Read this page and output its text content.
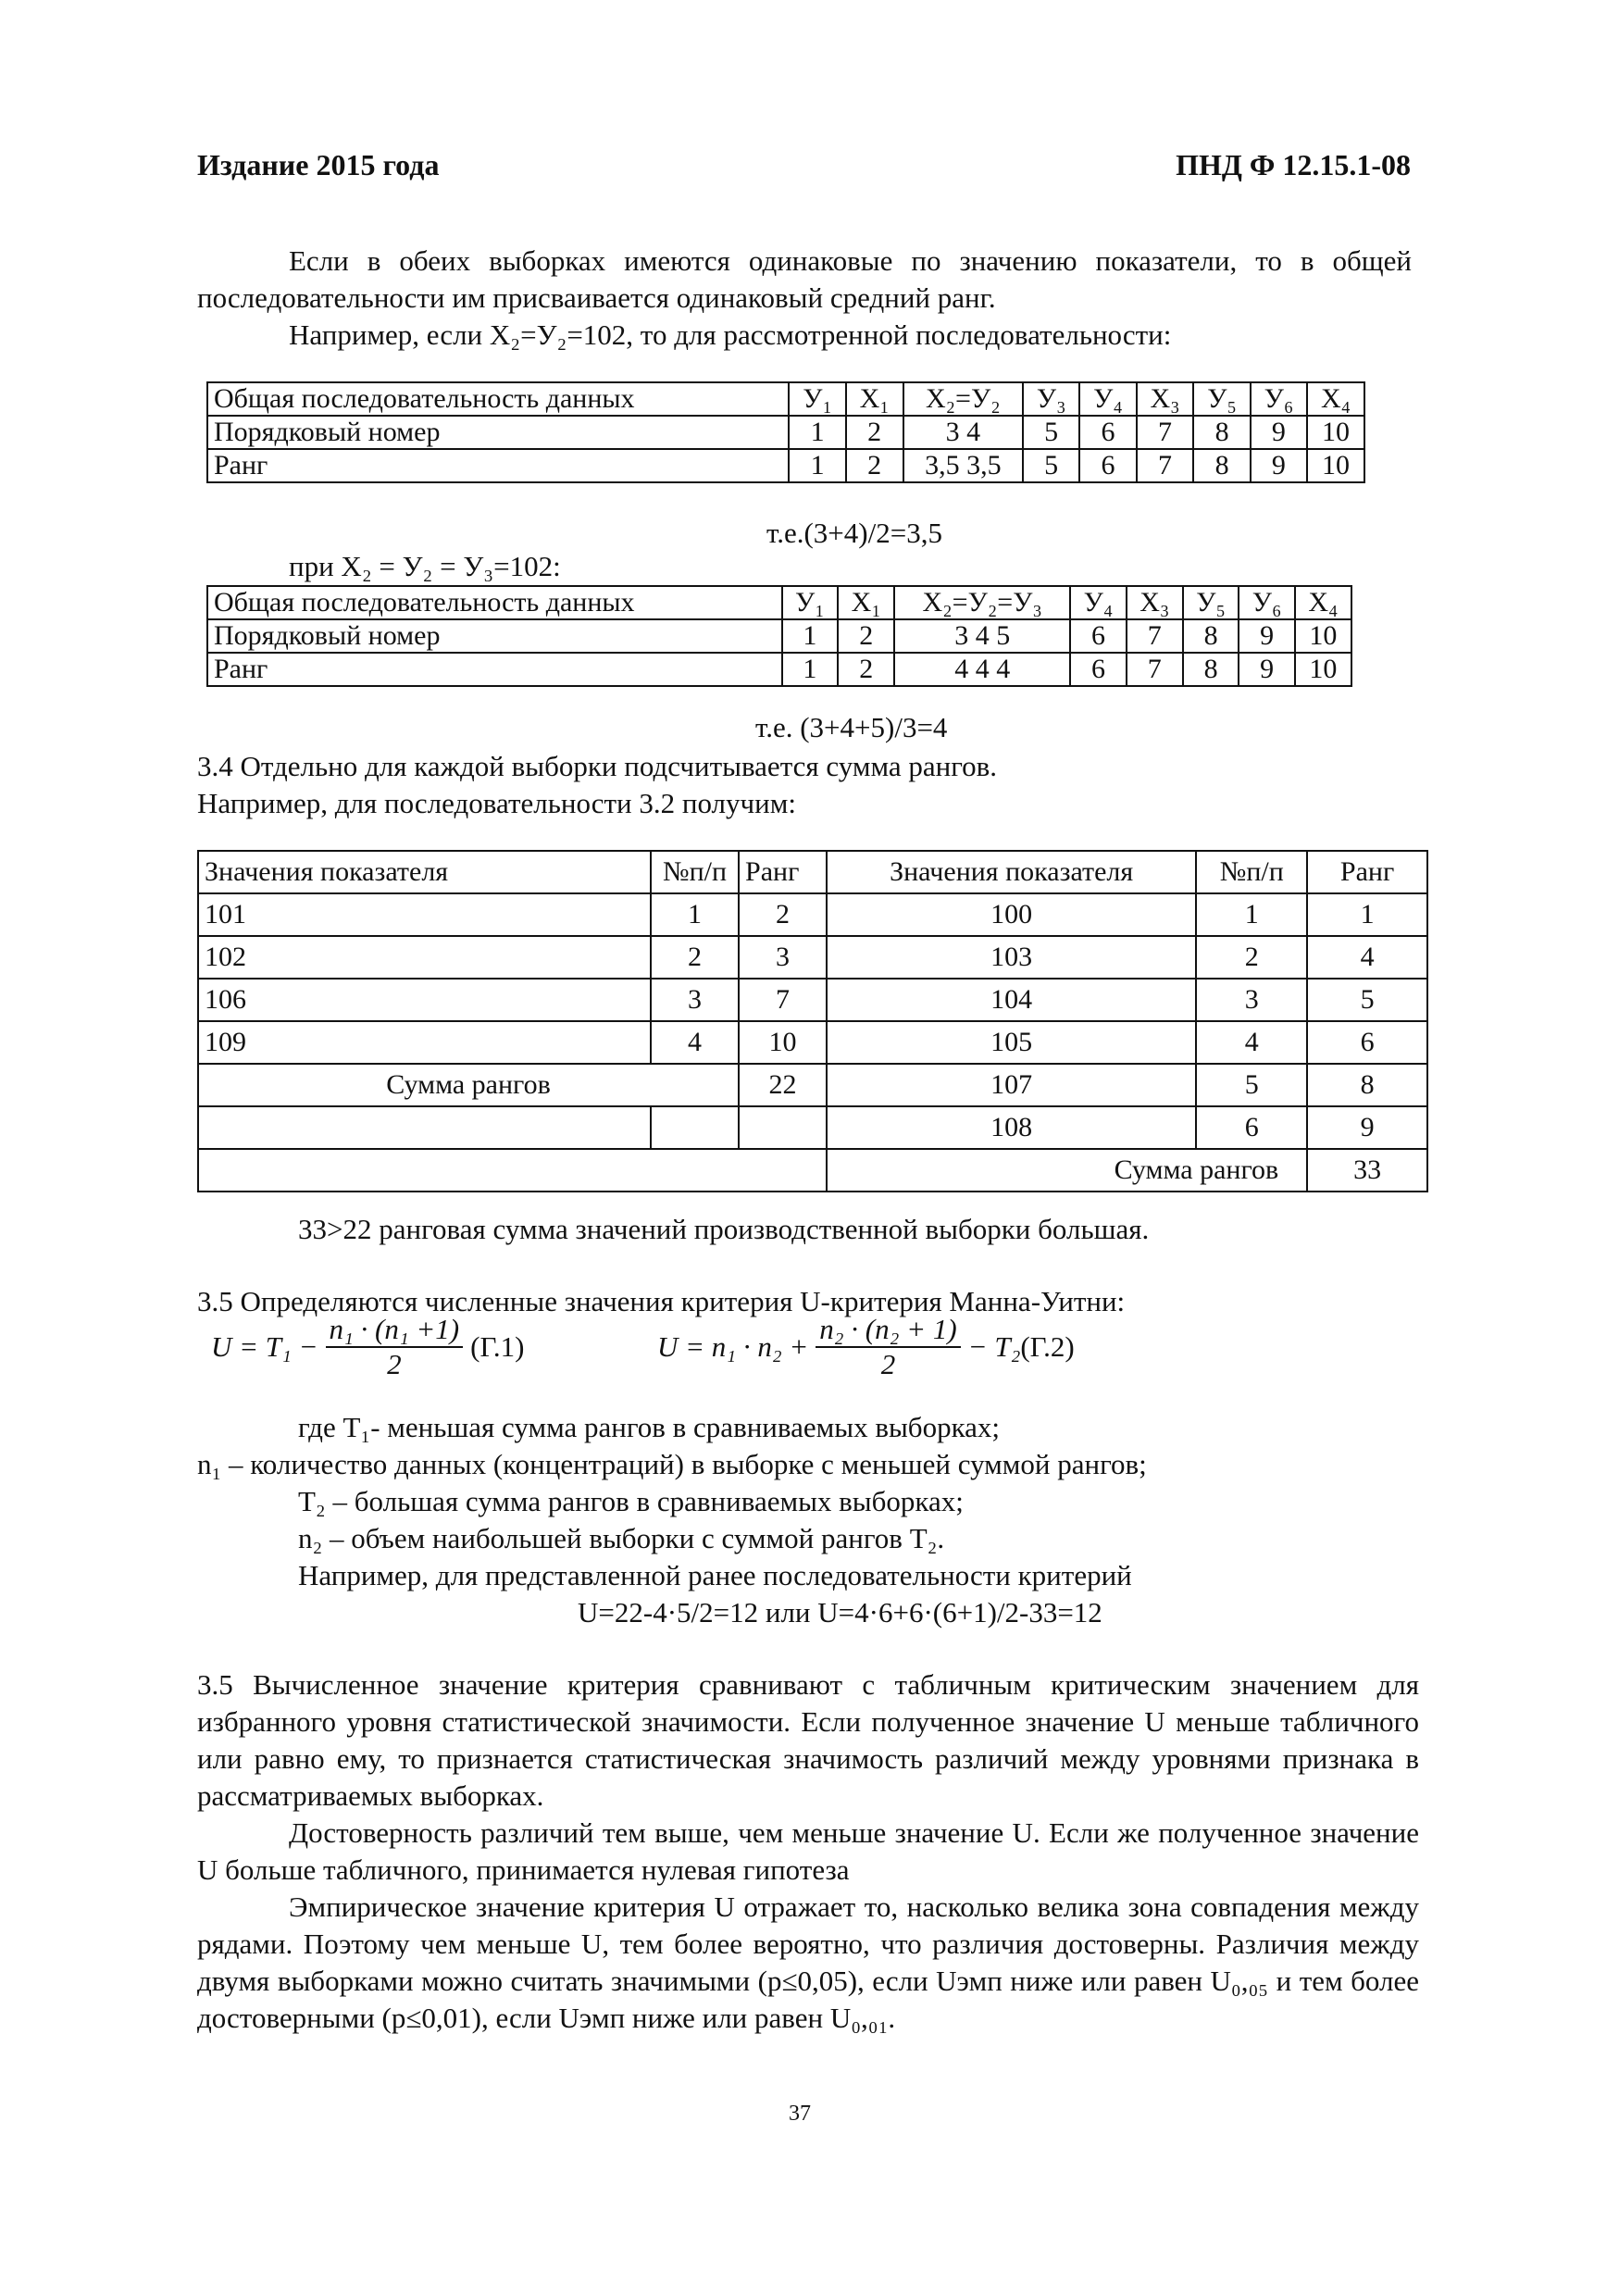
Издание 2015 года	ПНД Ф 12.15.1-08
Если в обеих выборках имеются одинаковые по значению показатели, то в общей последовательности им присваивается одинаковый средний ранг.
Например, если X₂=У₂=102, то для рассмотренной последовательности:
Общая последовательность данных	У₁	X₁	X₂=У₂	У₃	У₄	X₃	У₅	У₆	X₄
Порядковый номер	1	2	3 4	5	6	7	8	9	10
Ранг	1	2	3,5 3,5	5	6	7	8	9	10
т.е.(3+4)/2=3,5
при X₂ = У₂ = У₃=102:
Общая последовательность данных	У₁	X₁	X₂=У₂=У₃	У₄	X₃	У₅	У₆	X₄
Порядковый номер	1	2	3 4 5	6	7	8	9	10
Ранг	1	2	4 4 4	6	7	8	9	10
т.е. (3+4+5)/3=4
3.4 Отдельно для каждой выборки подсчитывается сумма рангов.
Например, для последовательности 3.2 получим:
Значения показателя	№п/п	Ранг	Значения показателя	№п/п	Ранг
101	1	2	100	1	1
102	2	3	103	2	4
106	3	7	104	3	5
109	4	10	105	4	6
Сумма рангов		22	107	5	8
			108	6	9
			Сумма рангов		33
33>22 ранговая сумма значений производственной выборки большая.
3.5 Определяются численные значения критерия U-критерия Манна-Уитни:
$U = T_1 - \frac{\text{n₁ · (n₁ +1)}}{2} (Г.1)$	$U = n_1 \cdot n_2 + \frac{\text{n₂ · (n₂ + 1)}}{2} - T_2$ (Г.2)
где T₁- меньшая сумма рангов в сравниваемых выборках;
n₁ – количество данных (концентраций) в выборке с меньшей суммой рангов;
T₂ – большая сумма рангов в сравниваемых выборках;
n₂ – объем наибольшей выборки с суммой рангов T₂.
Например, для представленной ранее последовательности критерий
U=22-4·5/2=12 или U=4·6+6·(6+1)/2-33=12
3.5 Вычисленное значение критерия сравнивают с табличным критическим значением для избранного уровня статистической значимости. Если полученное значение U меньше табличного или равно ему, то признается статистическая значимость различий между уровнями признака в рассматриваемых выборках.
Достоверность различий тем выше, чем меньше значение U. Если же полученное значение U больше табличного, принимается нулевая гипотеза
Эмпирическое значение критерия U отражает то, насколько велика зона совпадения между рядами. Поэтому чем меньше U, тем более вероятно, что различия достоверны. Различия между двумя выборками можно считать значимыми (p≤0,05), если Uэмп ниже или равен U₀,₀₅ и тем более достоверными (p≤0,01), если Uэмп ниже или равен U₀,₀₁.
37
